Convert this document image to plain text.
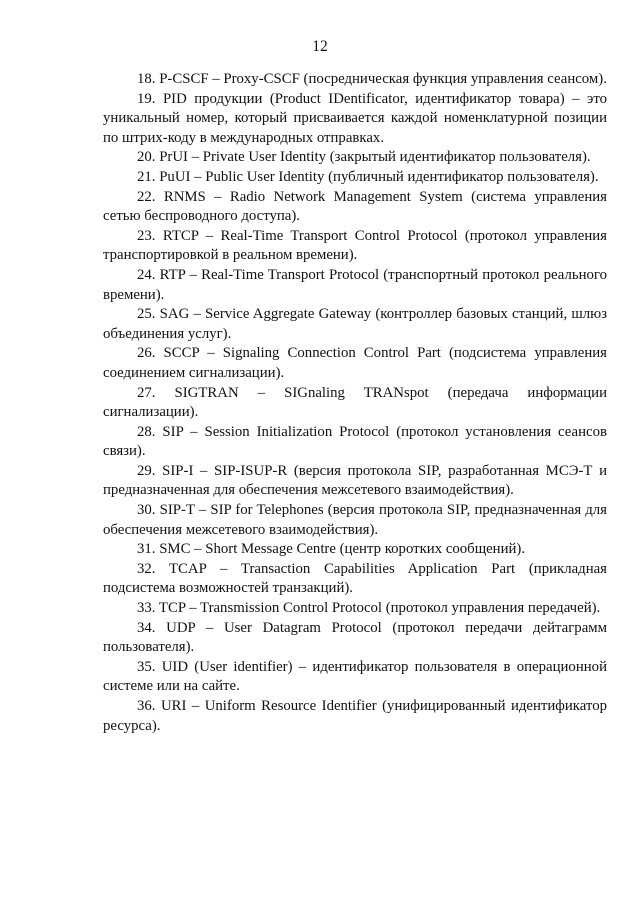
12

18. P-CSCF – Proxy-CSCF (посредническая функция управления сеансом).

19. PID продукции (Product IDentificator, идентификатор товара) – это уникальный номер, который присваивается каждой номенклатурной позиции по штрих-коду в международных отправках.

20. PrUI – Private User Identity (закрытый идентификатор пользователя).

21. PuUI – Public User Identity (публичный идентификатор пользователя).

22. RNMS – Radio Network Management System (система управления сетью беспроводного доступа).

23. RTCP – Real-Time Transport Control Protocol (протокол управления транспортировкой в реальном времени).

24. RTP – Real-Time Transport Protocol (транспортный протокол реального времени).

25. SAG – Service Aggregate Gateway (контроллер базовых станций, шлюз объединения услуг).

26. SCCP – Signaling Connection Control Part (подсистема управления соединением сигнализации).

27. SIGTRAN – SIGnaling TRANspot (передача информации сигнализации).

28. SIP – Session Initialization Protocol (протокол установления сеансов связи).

29. SIP-I – SIP-ISUP-R (версия протокола SIP, разработанная МСЭ-Т и предназначенная для обеспечения межсетевого взаимодействия).

30. SIP-T – SIP for Telephones (версия протокола SIP, предназначенная для обеспечения межсетевого взаимодействия).

31. SMC – Short Message Centre (центр коротких сообщений).

32. TCAP – Transaction Capabilities Application Part (прикладная подсистема возможностей транзакций).

33. TCP – Transmission Control Protocol (протокол управления передачей).

34. UDP – User Datagram Protocol (протокол передачи дейтаграмм пользователя).

35. UID (User identifier) – идентификатор пользователя в операционной системе или на сайте.

36. URI – Uniform Resource Identifier (унифицированный идентификатор ресурса).
